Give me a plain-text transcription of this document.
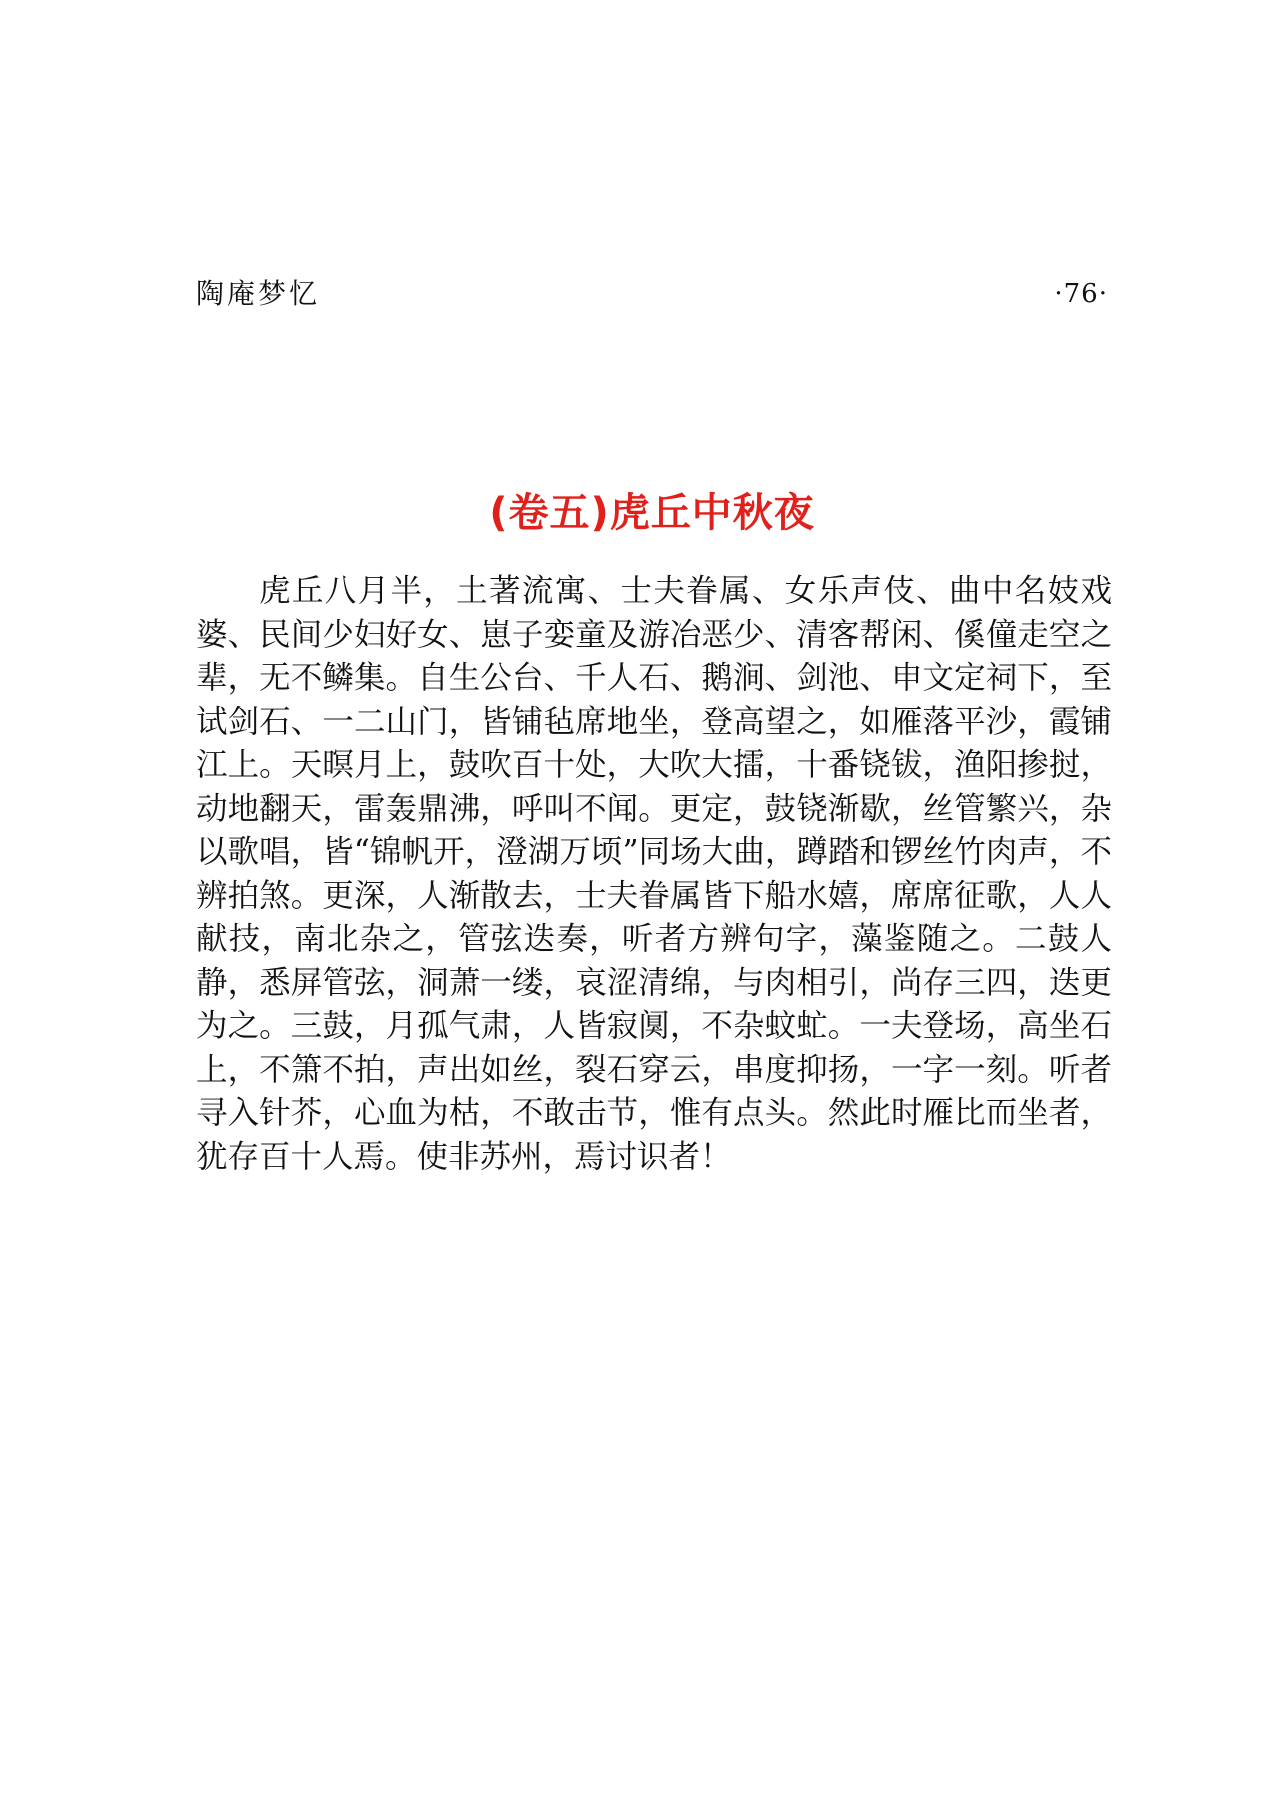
陶庵梦忆	·76·
(卷五)虎丘中秋夜

虎丘八月半，土著流寓、士夫眷属、女乐声伎、曲中名妓戏婆、民间少妇好女、崽子娈童及游冶恶少、清客帮闲、傒僮走空之辈，无不鳞集。自生公台、千人石、鹅涧、剑池、申文定祠下，至试剑石、一二山门，皆铺毡席地坐，登高望之，如雁落平沙，霞铺江上。天暝月上，鼓吹百十处，大吹大擂，十番铙钹，渔阳掺挝，动地翻天，雷轰鼎沸，呼叫不闻。更定，鼓铙渐歇，丝管繁兴，杂以歌唱，皆“锦帆开，澄湖万顷”同场大曲，蹲踏和锣丝竹肉声，不辨拍煞。更深，人渐散去，士夫眷属皆下船水嬉，席席征歌，人人献技，南北杂之，管弦迭奏，听者方辨句字，藻鉴随之。二鼓人静，悉屏管弦，洞萧一缕，哀涩清绵，与肉相引，尚存三四，迭更为之。三鼓，月孤气肃，人皆寂阒，不杂蚊虻。一夫登场，高坐石上，不箫不拍，声出如丝，裂石穿云，串度抑扬，一字一刻。听者寻入针芥，心血为枯，不敢击节，惟有点头。然此时雁比而坐者，犹存百十人焉。使非苏州，焉讨识者！
